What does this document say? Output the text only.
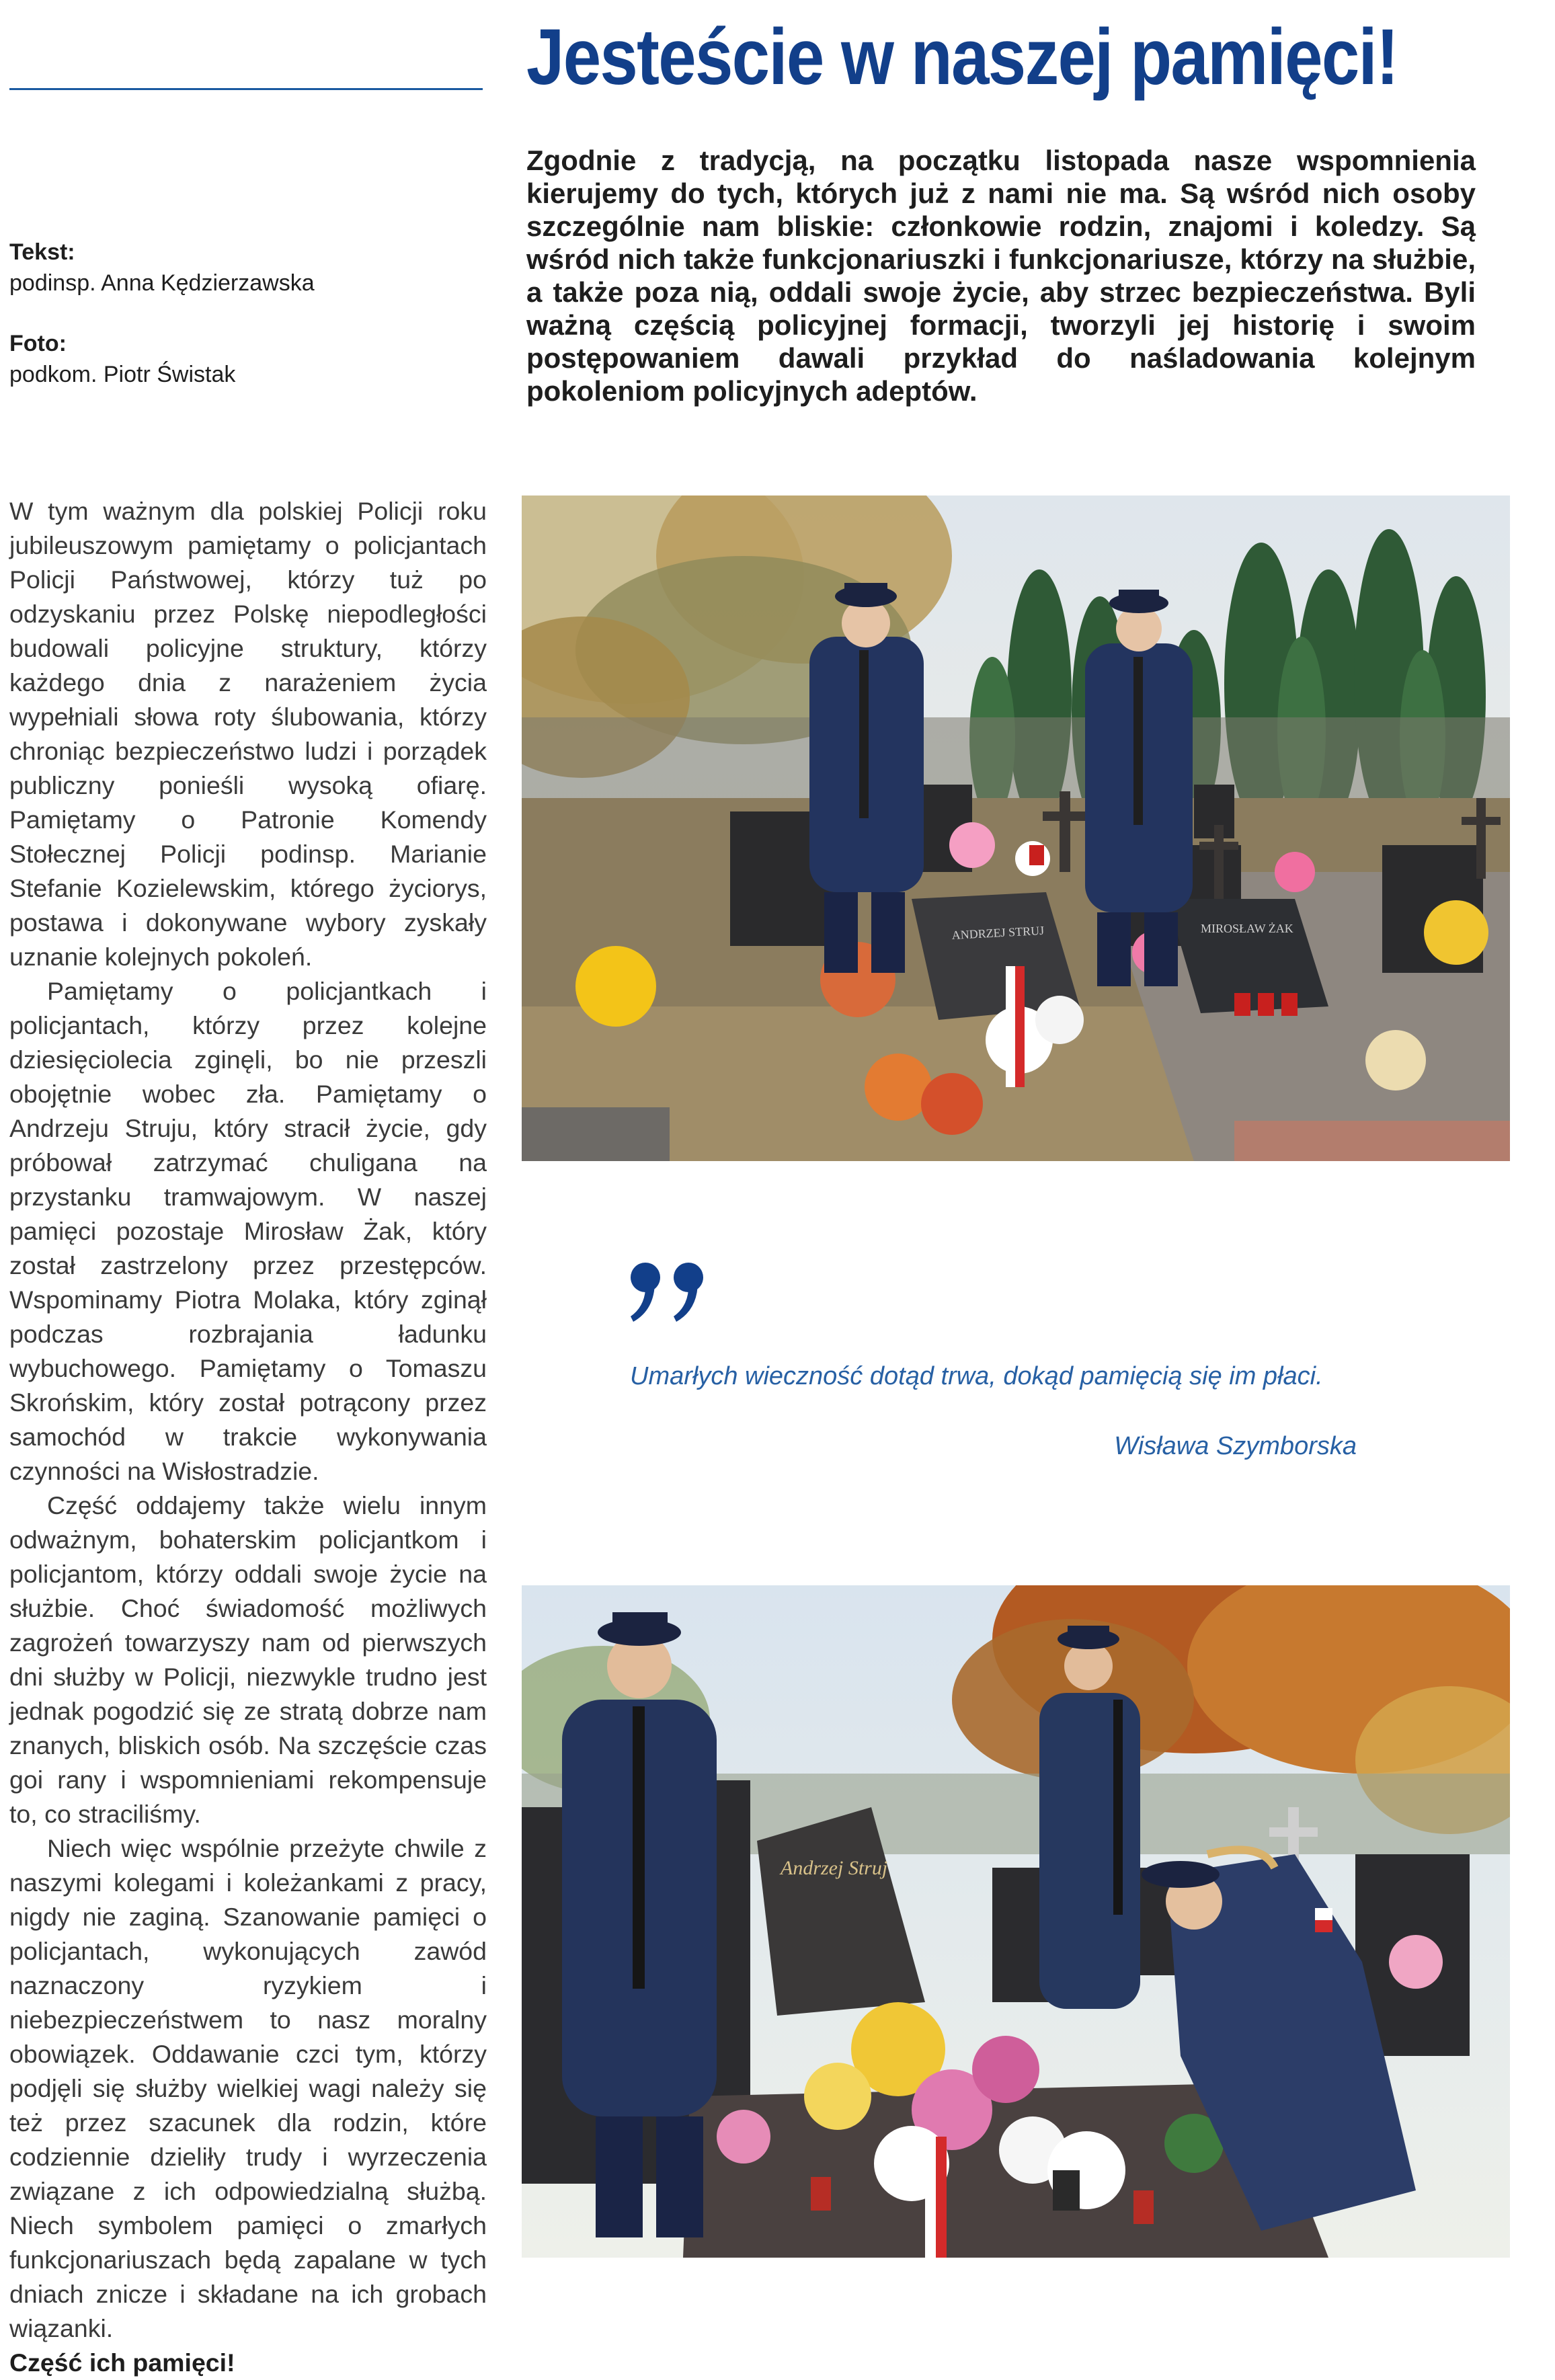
Jesteście w naszej pamięci!
Tekst:
podinsp. Anna Kędzierzawska
Foto:
podkom. Piotr Świstak

Zgodnie z tradycją, na początku listopada nasze wspomnienia kierujemy do tych, których już z nami nie ma. Są wśród nich osoby szczególnie nam bliskie: członkowie rodzin, znajomi i koledzy. Są wśród nich także funkcjonariuszki i funkcjonariusze, którzy na służbie, a także poza nią, oddali swoje życie, aby strzec bezpieczeństwa. Byli ważną częścią policyjnej formacji, tworzyli jej historię i swoim postępowaniem dawali przykład do naśladowania kolejnym pokoleniom policyjnych adeptów.

W tym ważnym dla polskiej Policji roku jubileuszowym pamiętamy o policjantach Policji Państwowej, którzy tuż po odzyskaniu przez Polskę niepodległości budowali policyjne struktury, którzy każdego dnia z narażeniem życia wypełniali słowa roty ślubowania, którzy chroniąc bezpieczeństwo ludzi i porządek publiczny ponieśli wysoką ofiarę. Pamiętamy o Patronie Komendy Stołecznej Policji podinsp. Marianie Stefanie Kozielewskim, którego życiorys, postawa i dokonywane wybory zyskały uznanie kolejnych pokoleń.

Pamiętamy o policjantkach i policjantach, którzy przez kolejne dziesięciolecia zginęli, bo nie przeszli obojętnie wobec zła. Pamiętamy o Andrzeju Struju, który stracił życie, gdy próbował zatrzymać chuligana na przystanku tramwajowym. W naszej pamięci pozostaje Mirosław Żak, który został zastrzelony przez przestępców. Wspominamy Piotra Molaka, który zginął podczas rozbrajania ładunku wybuchowego. Pamiętamy o Tomaszu Skrońskim, który został potrącony przez samochód w trakcie wykonywania czynności na Wisłostradzie.

Część oddajemy także wielu innym odważnym, bohaterskim policjantkom i policjantom, którzy oddali swoje życie na służbie. Choć świadomość możliwych zagrożeń towarzyszy nam od pierwszych dni służby w Policji, niezwykle trudno jest jednak pogodzić się ze stratą dobrze nam znanych, bliskich osób. Na szczęście czas goi rany i wspomnieniami rekompensuje to, co straciliśmy.

Niech więc wspólnie przeżyte chwile z naszymi kolegami i koleżankami z pracy, nigdy nie zaginą. Szanowanie pamięci o policjantach, wykonujących zawód naznaczony ryzykiem i niebezpieczeństwem to nasz moralny obowiązek. Oddawanie czci tym, którzy podjęli się służby wielkiej wagi należy się też przez szacunek dla rodzin, które codziennie dzieliły trudy i wyrzeczenia związane z ich odpowiedzialną służbą. Niech symbolem pamięci o zmarłych funkcjonariuszach będą zapalane w tych dniach znicze i składane na ich grobach wiązanki.

Część ich pamięci!

ANDRZEJ STRUJ	MIROSŁAW ŻAK
Umarłych wieczność dotąd trwa, dokąd pamięcią się im płaci.
Wisława Szymborska
Andrzej Struj
